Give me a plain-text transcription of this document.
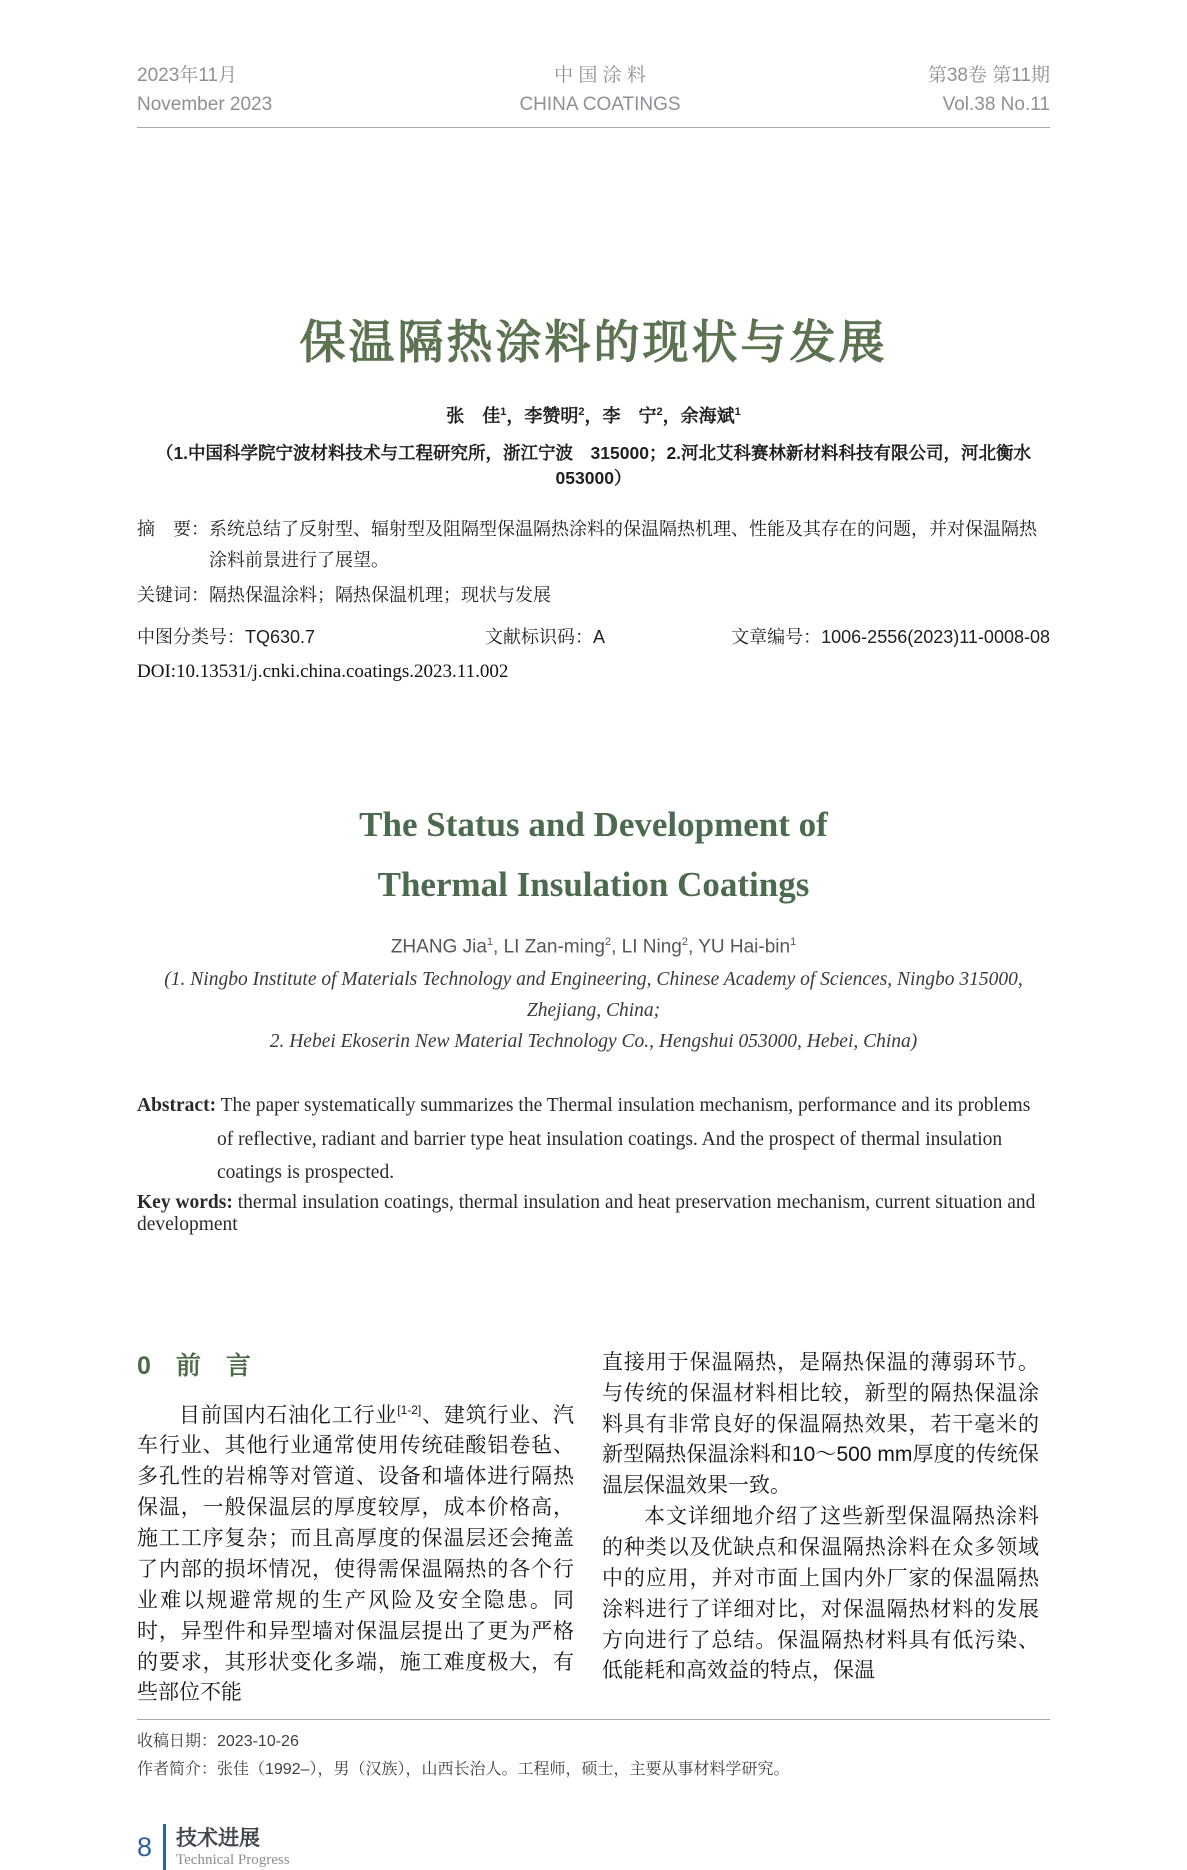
2023年11月
November 2023
中 国 涂 料
CHINA COATINGS
第38卷 第11期
Vol.38 No.11
保温隔热涂料的现状与发展
张　佳$^1$，李赞明$^2$，李　宁$^2$，余海斌$^1$
（1.中国科学院宁波材料技术与工程研究所，浙江宁波　315000；2.河北艾科赛林新材料科技有限公司，河北衡水　053000）
摘　要：系统总结了反射型、辐射型及阻隔型保温隔热涂料的保温隔热机理、性能及其存在的问题，并对保温隔热涂料前景进行了展望。
关键词：隔热保温涂料；隔热保温机理；现状与发展
中图分类号：TQ630.7	文献标识码：A	文章编号：1006-2556(2023)11-0008-08
DOI:10.13531/j.cnki.china.coatings.2023.11.002
The Status and Development of
Thermal Insulation Coatings
ZHANG Jia$^1$, LI Zan-ming$^2$, LI Ning$^2$, YU Hai-bin$^1$
(1. Ningbo Institute of Materials Technology and Engineering, Chinese Academy of Sciences, Ningbo 315000, Zhejiang, China;
2. Hebei Ekoserin New Material Technology Co., Hengshui 053000, Hebei, China)
Abstract: The paper systematically summarizes the Thermal insulation mechanism, performance and its problems of reflective, radiant and barrier type heat insulation coatings. And the prospect of thermal insulation coatings is prospected.
Key words: thermal insulation coatings, thermal insulation and heat preservation mechanism, current situation and development
0　前　言

目前国内石油化工行业[1-2]、建筑行业、汽车行业、其他行业通常使用传统硅酸铝卷毡、多孔性的岩棉等对管道、设备和墙体进行隔热保温，一般保温层的厚度较厚，成本价格高，施工工序复杂；而且高厚度的保温层还会掩盖了内部的损坏情况，使得需保温隔热的各个行业难以规避常规的生产风险及安全隐患。同时，异型件和异型墙对保温层提出了更为严格的要求，其形状变化多端，施工难度极大，有些部位不能

直接用于保温隔热，是隔热保温的薄弱环节。与传统的保温材料相比较，新型的隔热保温涂料具有非常良好的保温隔热效果，若干毫米的新型隔热保温涂料和10～500 mm厚度的传统保温层保温效果一致。

本文详细地介绍了这些新型保温隔热涂料的种类以及优缺点和保温隔热涂料在众多领域中的应用，并对市面上国内外厂家的保温隔热涂料进行了详细对比，对保温隔热材料的发展方向进行了总结。保温隔热材料具有低污染、低能耗和高效益的特点，保温

收稿日期：2023-10-26
作者简介：张佳（1992–），男（汉族），山西长治人。工程师，硕士，主要从事材料学研究。
8 技术进展
Technical Progress
